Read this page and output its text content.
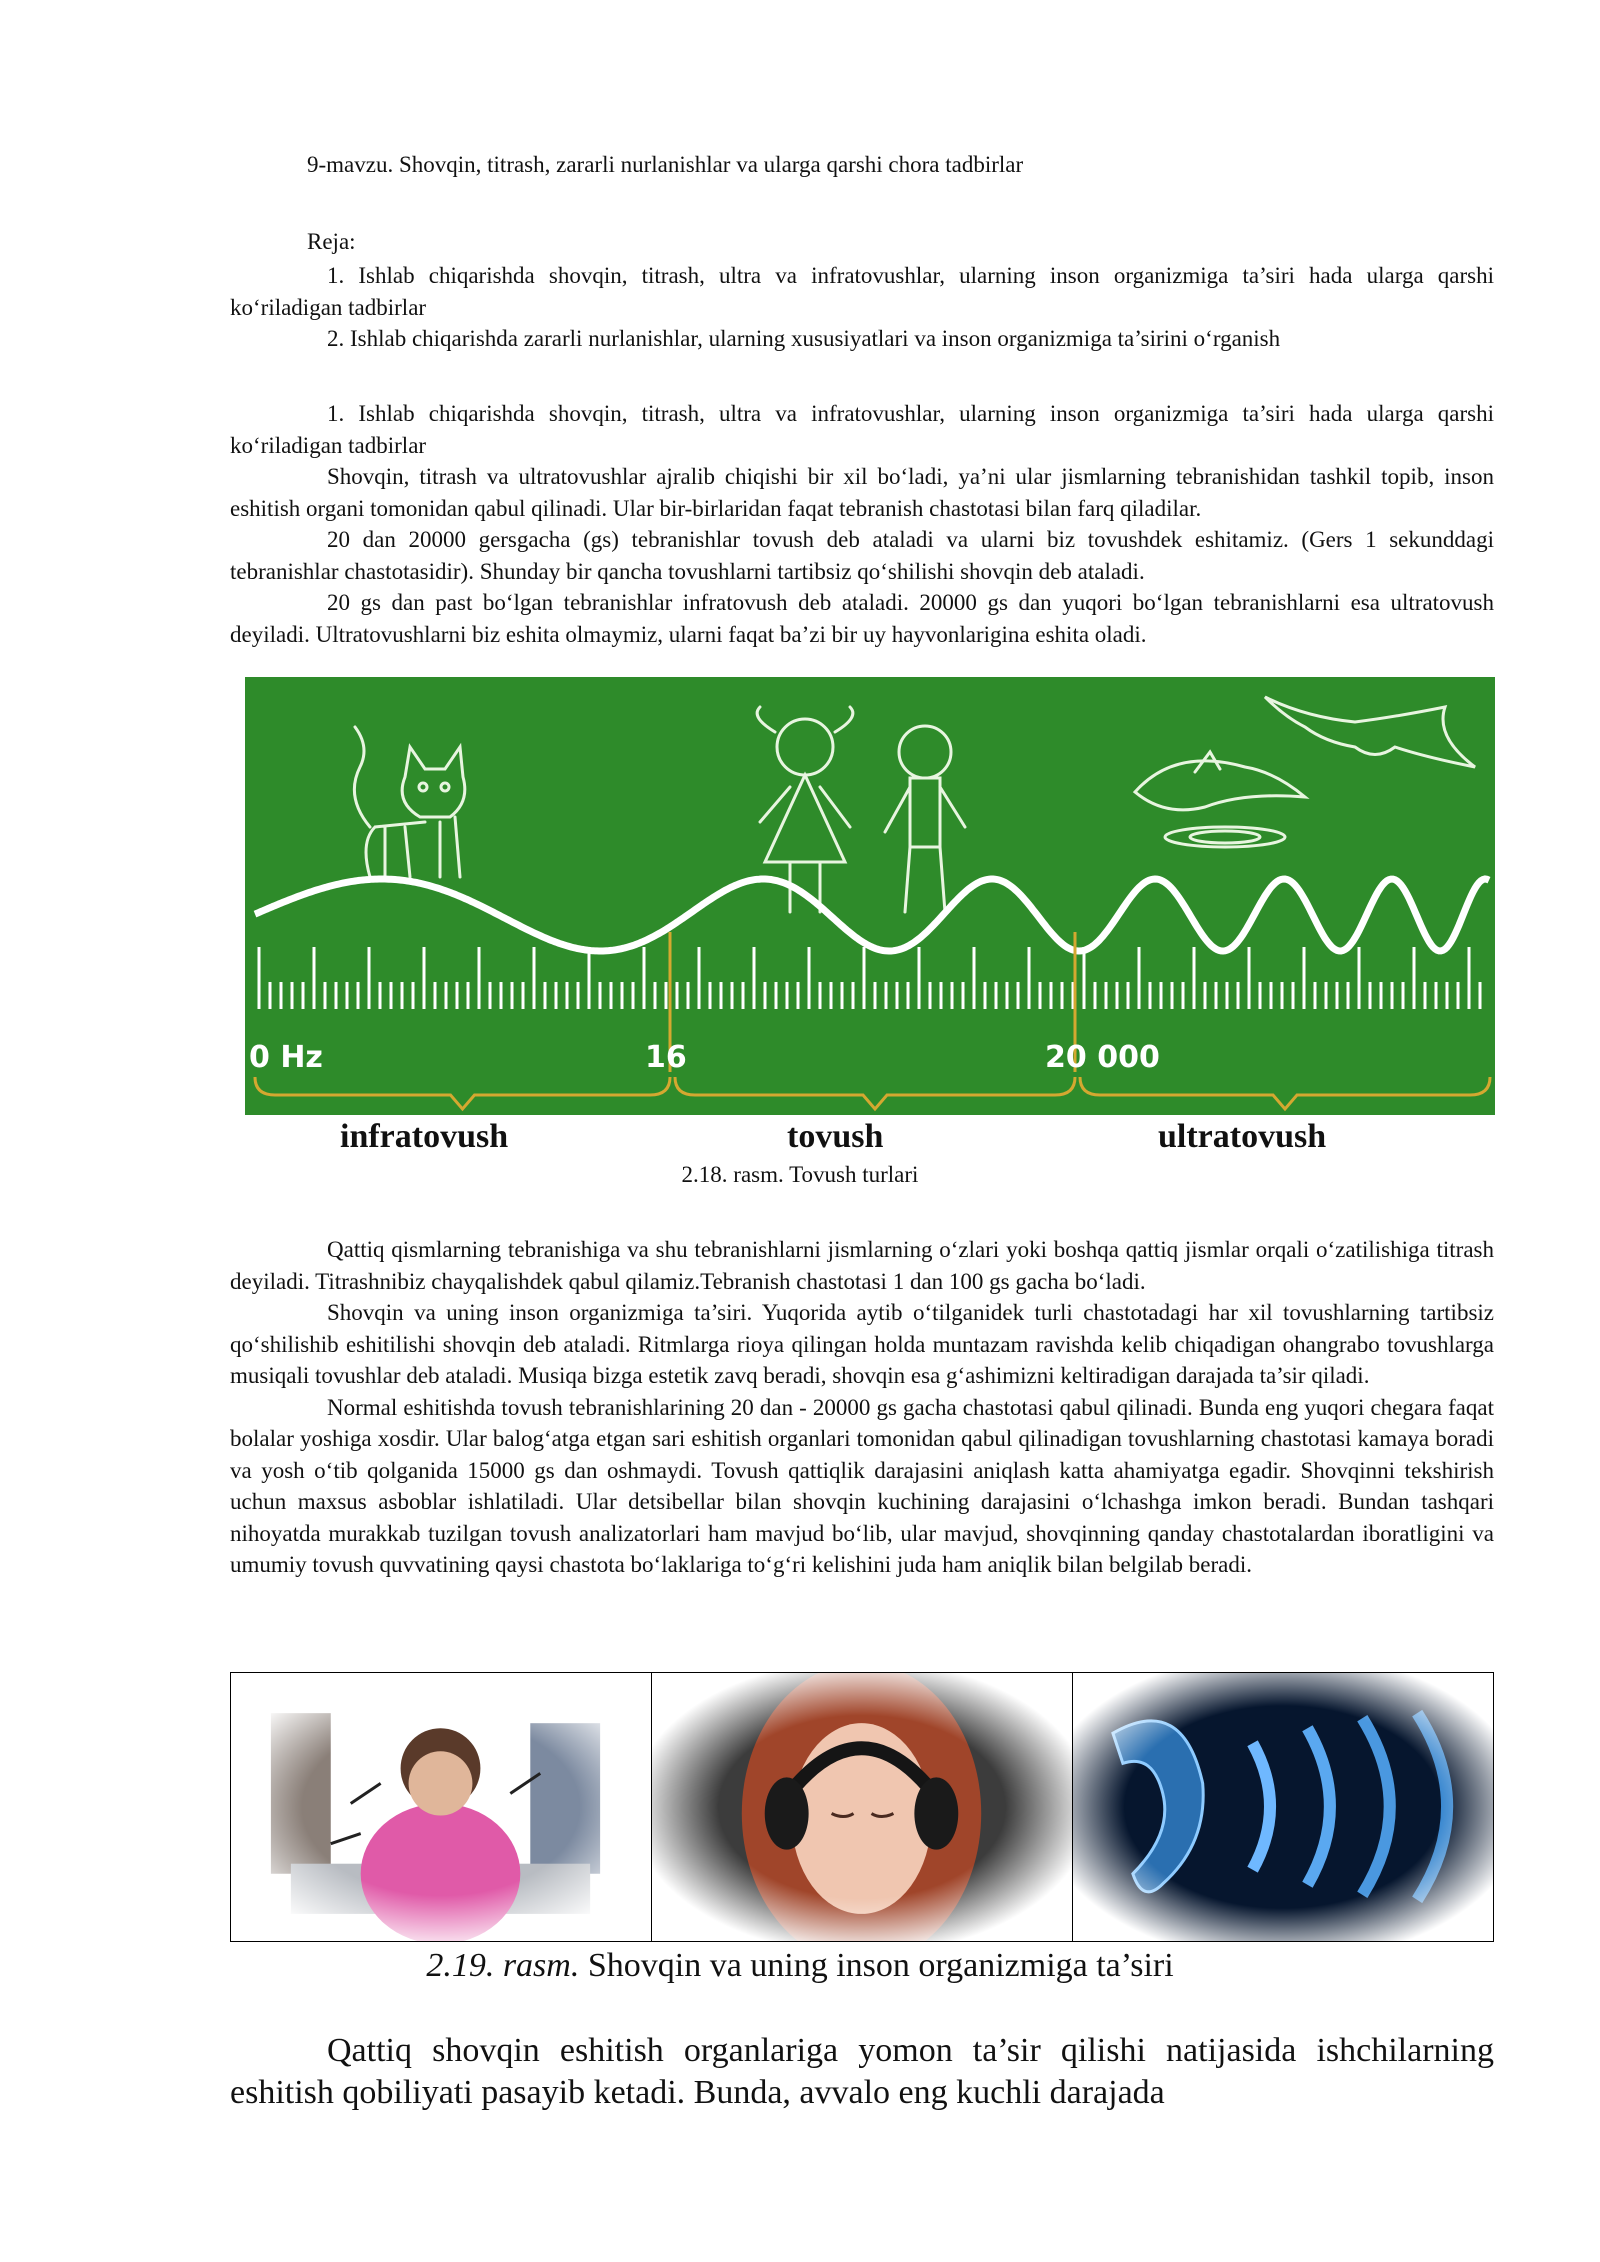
9-mavzu. Shovqin, titrash, zararli nurlanishlar va ularga qarshi chora tadbirlar
Reja:

1. Ishlab chiqarishda shovqin, titrash, ultra va infratovushlar, ularning inson organizmiga ta’siri hada ularga qarshi ko‘riladigan tadbirlar

2. Ishlab chiqarishda zararli nurlanishlar, ularning xususiyatlari va inson organizmiga ta’sirini o‘rganish

1. Ishlab chiqarishda shovqin, titrash, ultra va infratovushlar, ularning inson organizmiga ta’siri hada ularga qarshi ko‘riladigan tadbirlar

Shovqin, titrash va ultratovushlar ajralib chiqishi bir xil bo‘ladi, ya’ni ular jismlarning tebranishidan tashkil topib, inson eshitish organi tomonidan qabul qilinadi. Ular bir-birlaridan faqat tebranish chastotasi bilan farq qiladilar.

20 dan 20000 gersgacha (gs) tebranishlar tovush deb ataladi va ularni biz tovushdek eshitamiz. (Gers 1 sekunddagi tebranishlar chastotasidir). Shunday bir qancha tovushlarni tartibsiz qo‘shilishi shovqin deb ataladi.

20 gs dan past bo‘lgan tebranishlar infratovush deb ataladi. 20000 gs dan yuqori bo‘lgan tebranishlarni esa ultratovush deyiladi. Ultratovushlarni biz eshita olmaymiz, ularni faqat ba’zi bir uy hayvonlarigina eshita oladi.

0 Hz	16	20 000
infratovush	tovush	ultratovush
2.18. rasm. Tovush turlari

Qattiq qismlarning tebranishiga va shu tebranishlarni jismlarning o‘zlari yoki boshqa qattiq jismlar orqali o‘zatilishiga titrash deyiladi. Titrashnibiz chayqalishdek qabul qilamiz.Tebranish chastotasi 1 dan 100 gs gacha bo‘ladi.

Shovqin va uning inson organizmiga ta’siri. Yuqorida aytib o‘tilganidek turli chastotadagi har xil tovushlarning tartibsiz qo‘shilishib eshitilishi shovqin deb ataladi. Ritmlarga rioya qilingan holda muntazam ravishda kelib chiqadigan ohangrabo tovushlarga musiqali tovushlar deb ataladi. Musiqa bizga estetik zavq beradi, shovqin esa g‘ashimizni keltiradigan darajada ta’sir qiladi.

Normal eshitishda tovush tebranishlarining 20 dan - 20000 gs gacha chastotasi qabul qilinadi. Bunda eng yuqori chegara faqat bolalar yoshiga xosdir. Ular balog‘atga etgan sari eshitish organlari tomonidan qabul qilinadigan tovushlarning chastotasi kamaya boradi va yosh o‘tib qolganida 15000 gs dan oshmaydi. Tovush qattiqlik darajasini aniqlash katta ahamiyatga egadir. Shovqinni tekshirish uchun maxsus asboblar ishlatiladi. Ular detsibellar bilan shovqin kuchining darajasini o‘lchashga imkon beradi. Bundan tashqari nihoyatda murakkab tuzilgan tovush analizatorlari ham mavjud bo‘lib, ular mavjud, shovqinning qanday chastotalardan iboratligini va umumiy tovush quvvatining qaysi chastota bo‘laklariga to‘g‘ri kelishini juda ham aniqlik bilan belgilab beradi.

2.19. rasm. Shovqin va uning inson organizmiga ta’siri

Qattiq shovqin eshitish organlariga yomon ta’sir qilishi natijasida ishchilarning eshitish qobiliyati pasayib ketadi. Bunda, avvalo eng kuchli darajada
